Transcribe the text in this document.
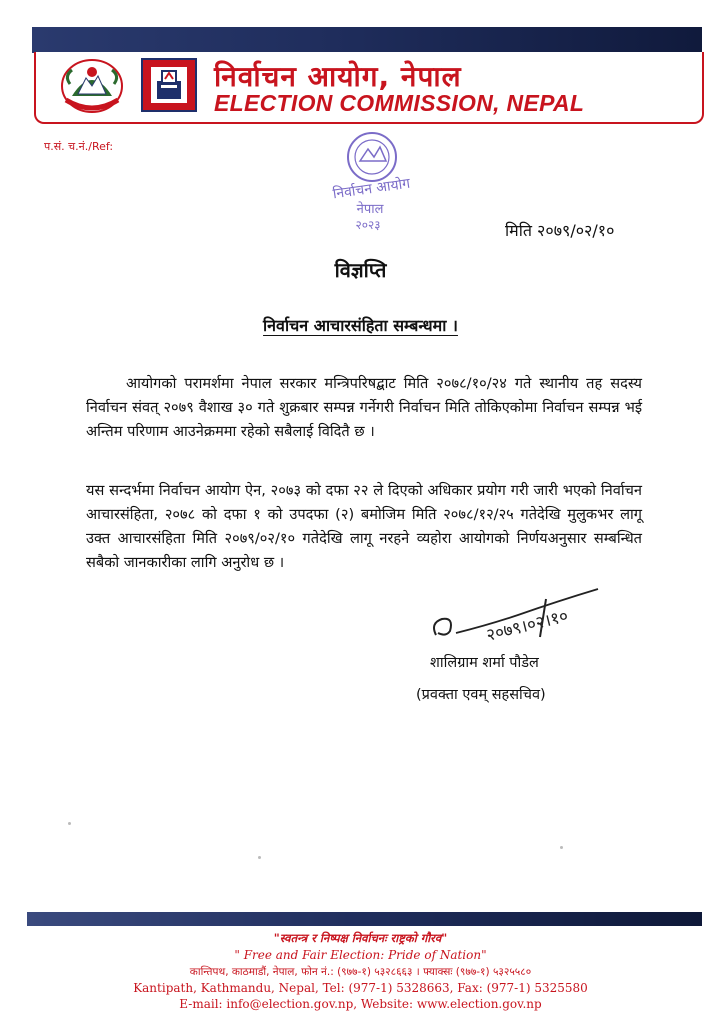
निर्वाचन आयोग, नेपाल
ELECTION COMMISSION, NEPAL
प.सं. च.नं./Ref:
निर्वाचन आयोग
नेपाल
२०२३	मिति २०७९/०२/१०
विज्ञप्ति
निर्वाचन आचारसंहिता सम्बन्धमा ।
आयोगको परामर्शमा नेपाल सरकार मन्त्रिपरिषद्बाट मिति २०७८/१०/२४ गते स्थानीय तह सदस्य निर्वाचन संवत् २०७९ वैशाख ३० गते शुक्रबार सम्पन्न गर्नेगरी निर्वाचन मिति तोकिएकोमा निर्वाचन सम्पन्न भई अन्तिम परिणाम आउनेक्रममा रहेको सबैलाई विदितै छ ।
यस सन्दर्भमा निर्वाचन आयोग ऐन, २०७३ को दफा २२ ले दिएको अधिकार प्रयोग गरी जारी भएको निर्वाचन आचारसंहिता, २०७८ को दफा १ को उपदफा (२) बमोजिम मिति २०७८/१२/२५ गतेदेखि मुलुकभर लागू उक्त आचारसंहिता मिति २०७९/०२/१० गतेदेखि लागू नरहने व्यहोरा आयोगको निर्णयअनुसार सम्बन्धित सबैको जानकारीका लागि अनुरोध छ ।
२०७९।०२।१०
शालिग्राम शर्मा पौडेल
(प्रवक्ता एवम् सहसचिव)
"स्वतन्त्र र निष्पक्ष निर्वाचनः राष्ट्रको गौरव"
" Free and Fair Election: Pride of Nation"
कान्तिपथ, काठमाडौं, नेपाल, फोन नं.: (९७७-१) ५३२८६६३ । फ्याक्सः (९७७-१) ५३२५५८०
Kantipath, Kathmandu, Nepal, Tel: (977-1) 5328663, Fax: (977-1) 5325580
E-mail: info@election.gov.np, Website: www.election.gov.np
